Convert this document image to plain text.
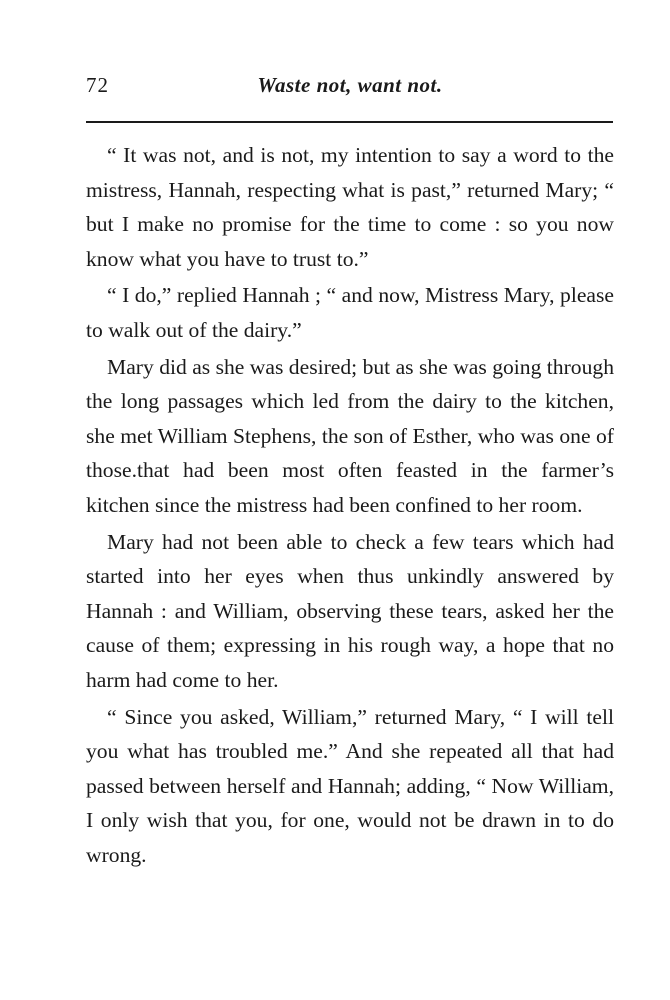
72	Waste not, want not.

“ It was not, and is not, my intention to say a word to the mistress, Hannah, respecting what is past,” returned Mary; “ but I make no promise for the time to come : so you now know what you have to trust to.”

“ I do,” replied Hannah ; “ and now, Mistress Mary, please to walk out of the dairy.”

Mary did as she was desired; but as she was going through the long passages which led from the dairy to the kitchen, she met William Stephens, the son of Esther, who was one of those.that had been most often feasted in the farmer’s kitchen since the mistress had been confined to her room.

Mary had not been able to check a few tears which had started into her eyes when thus unkindly answered by Hannah : and William, observing these tears, asked her the cause of them; expressing in his rough way, a hope that no harm had come to her.

“ Since you asked, William,” returned Mary, “ I will tell you what has troubled me.” And she repeated all that had passed between herself and Hannah; adding, “ Now William, I only wish that you, for one, would not be drawn in to do wrong.
